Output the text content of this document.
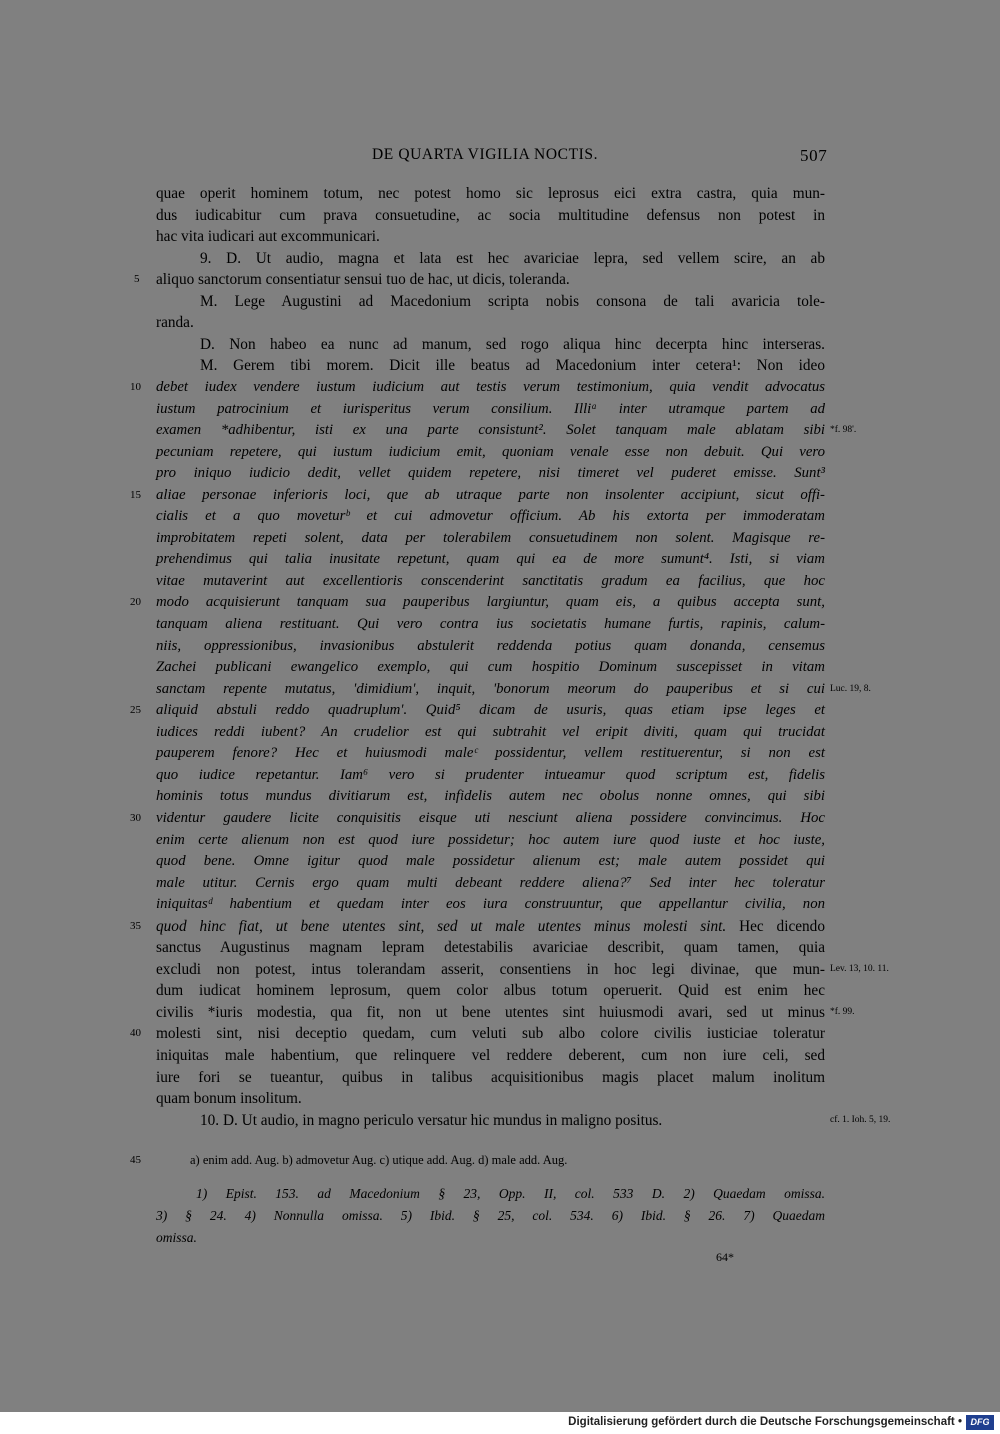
DE QUARTA VIGILIA NOCTIS.	507
quae operit hominem totum, nec potest homo sic leprosus eici extra castra, quia mun-
dus iudicabitur cum prava consuetudine, ac socia multitudine defensus non potest in
hac vita iudicari aut excommunicari.
9. D. Ut audio, magna et lata est hec avariciae lepra, sed vellem scire, an ab
aliquo sanctorum consentiatur sensui tuo de hac, ut dicis, toleranda.
M. Lege Augustini ad Macedonium scripta nobis consona de tali avaricia tole-
randa.
D. Non habeo ea nunc ad manum, sed rogo aliqua hinc decerpta hinc interseras.
M. Gerem tibi morem. Dicit ille beatus ad Macedonium inter cetera¹: Non ideo
debet iudex vendere iustum iudicium aut testis verum testimonium, quia vendit advocatus
iustum patrocinium et iurisperitus verum consilium. Illiᵃ inter utramque partem ad
examen *adhibentur, isti ex una parte consistunt². Solet tanquam male ablatam sibi
pecuniam repetere, qui iustum iudicium emit, quoniam venale esse non debuit. Qui vero
pro iniquo iudicio dedit, vellet quidem repetere, nisi timeret vel puderet emisse. Sunt³
aliae personae inferioris loci, que ab utraque parte non insolenter accipiunt, sicut offi-
cialis et a quo moveturᵇ et cui admovetur officium. Ab his extorta per immoderatam
improbitatem repeti solent, data per tolerabilem consuetudinem non solent. Magisque re-
prehendimus qui talia inusitate repetunt, quam qui ea de more sumunt⁴. Isti, si viam
vitae mutaverint aut excellentioris conscenderint sanctitatis gradum ea facilius, que hoc
modo acquisierunt tanquam sua pauperibus largiuntur, quam eis, a quibus accepta sunt,
tanquam aliena restituant. Qui vero contra ius societatis humane furtis, rapinis, calum-
niis, oppressionibus, invasionibus abstulerit reddenda potius quam donanda, censemus
Zachei publicani ewangelico exemplo, qui cum hospitio Dominum suscepisset in vitam
sanctam repente mutatus, 'dimidium', inquit, 'bonorum meorum do pauperibus et si cui
aliquid abstuli reddo quadruplum'. Quid⁵ dicam de usuris, quas etiam ipse leges et
iudices reddi iubent? An crudelior est qui subtrahit vel eripit diviti, quam qui trucidat
pauperem fenore? Hec et huiusmodi maleᶜ possidentur, vellem restituerentur, si non est
quo iudice repetantur. Iam⁶ vero si prudenter intueamur quod scriptum est, fidelis
hominis totus mundus divitiarum est, infidelis autem nec obolus nonne omnes, qui sibi
videntur gaudere licite conquisitis eisque uti nesciunt aliena possidere convincimus. Hoc
enim certe alienum non est quod iure possidetur; hoc autem iure quod iuste et hoc iuste,
quod bene. Omne igitur quod male possidetur alienum est; male autem possidet qui
male utitur. Cernis ergo quam multi debeant reddere aliena?⁷ Sed inter hec toleratur
iniquitasᵈ habentium et quedam inter eos iura construuntur, que appellantur civilia, non
quod hinc fiat, ut bene utentes sint, sed ut male utentes minus molesti sint. Hec dicendo
sanctus Augustinus magnam lepram detestabilis avariciae describit, quam tamen, quia
excludi non potest, intus tolerandam asserit, consentiens in hoc legi divinae, que mun-
dum iudicat hominem leprosum, quem color albus totum operuerit. Quid est enim hec
civilis *iuris modestia, qua fit, non ut bene utentes sint huiusmodi avari, sed ut minus
molesti sint, nisi deceptio quedam, cum veluti sub albo colore civilis iusticiae toleratur
iniquitas male habentium, que relinquere vel reddere deberent, cum non iure celi, sed
iure fori se tueantur, quibus in talibus acquisitionibus magis placet malum inolitum
quam bonum insolitum.
10. D. Ut audio, in magno periculo versatur hic mundus in maligno positus.
5
10
15
20
25
30
35
40
45
*f. 98'.
Luc. 19, 8.
Lev. 13, 10. 11.
*f. 99.
cf. 1. Ioh. 5, 19.
a) enim add. Aug. b) admovetur Aug. c) utique add. Aug. d) male add. Aug.
1) Epist. 153. ad Macedonium § 23, Opp. II, col. 533 D. 2) Quaedam omissa.
3) § 24. 4) Nonnulla omissa. 5) Ibid. § 25, col. 534. 6) Ibid. § 26. 7) Quaedam
omissa.
64*
Digitalisierung gefördert durch die Deutsche Forschungsgemeinschaft • DFG
